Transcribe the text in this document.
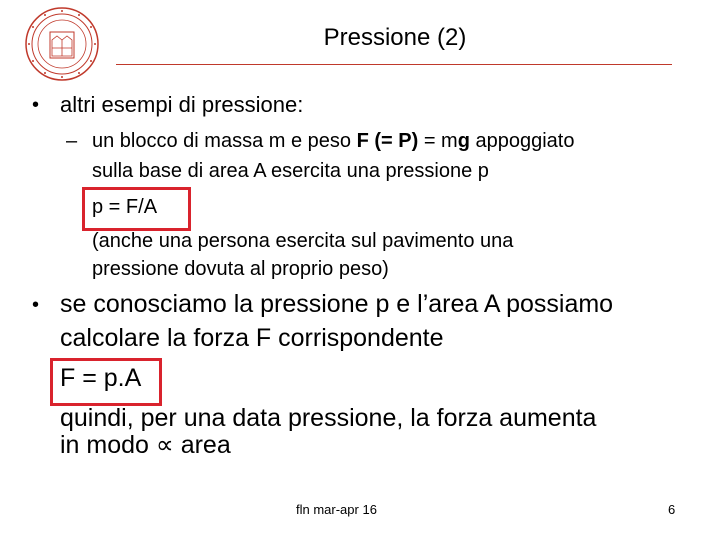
Pressione (2)
• altri esempi di pressione:
– un blocco di massa m e peso F (= P) = mg appoggiato
sulla base di area A esercita una pressione p
p = F/A
(anche una persona esercita sul pavimento una
pressione dovuta al proprio peso)
• se conosciamo la pressione p e l’area A possiamo
calcolare la forza F corrispondente
F = p.A
quindi, per una data pressione, la forza aumenta
in modo ∝ area
fln mar-apr 16	6
